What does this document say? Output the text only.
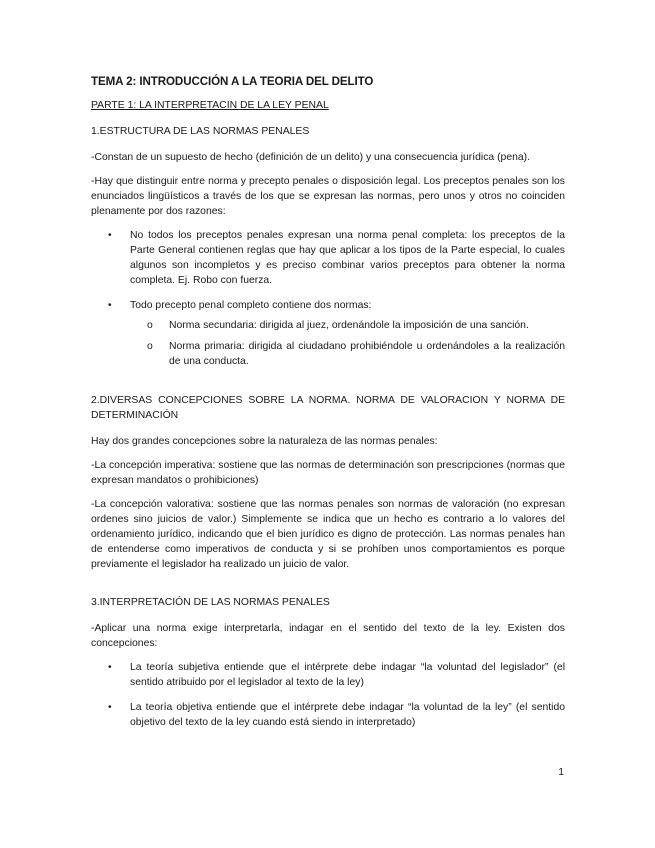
TEMA 2: INTRODUCCIÓN A LA TEORIA DEL DELITO
PARTE 1: LA INTERPRETACIN DE LA LEY PENAL
1.ESTRUCTURA DE LAS NORMAS PENALES
-Constan de un supuesto de hecho (definición de un delito) y una consecuencia jurídica (pena).
-Hay que distinguir entre norma y precepto penales o disposición legal. Los preceptos penales son los enunciados lingüísticos a través de los que se expresan las normas, pero unos y otros no coinciden plenamente por dos razones:
• No todos los preceptos penales expresan una norma penal completa: los preceptos de la Parte General contienen reglas que hay que aplicar a los tipos de la Parte especial, lo cuales algunos son incompletos y es preciso combinar varios preceptos para obtener la norma completa. Ej. Robo con fuerza.
• Todo precepto penal completo contiene dos normas:
o Norma secundaria: dirigida al juez, ordenándole la imposición de una sanción.
o Norma primaria: dirigida al ciudadano prohibiéndole u ordenándoles a la realización de una conducta.
2.DIVERSAS CONCEPCIONES SOBRE LA NORMA. NORMA DE VALORACION Y NORMA DE DETERMINACIÓN
Hay dos grandes concepciones sobre la naturaleza de las normas penales:
-La concepción imperativa: sostiene que las normas de determinación son prescripciones (normas que expresan mandatos o prohibiciones)
-La concepción valorativa: sostiene que las normas penales son normas de valoración (no expresan ordenes sino juicios de valor.) Simplemente se indica que un hecho es contrario a lo valores del ordenamiento jurídico, indicando que el bien jurídico es digno de protección. Las normas penales han de entenderse como imperativos de conducta y si se prohíben unos comportamientos es porque previamente el legislador ha realizado un juicio de valor.
3.INTERPRETACIÓN DE LAS NORMAS PENALES
-Aplicar una norma exige interpretarla, indagar en el sentido del texto de la ley. Existen dos concepciones:
• La teoría subjetiva entiende que el intérprete debe indagar “la voluntad del legislador” (el sentido atribuido por el legislador al texto de la ley)
• La teoría objetiva entiende que el intérprete debe indagar “la voluntad de la ley” (el sentido objetivo del texto de la ley cuando está siendo in interpretado)
1
